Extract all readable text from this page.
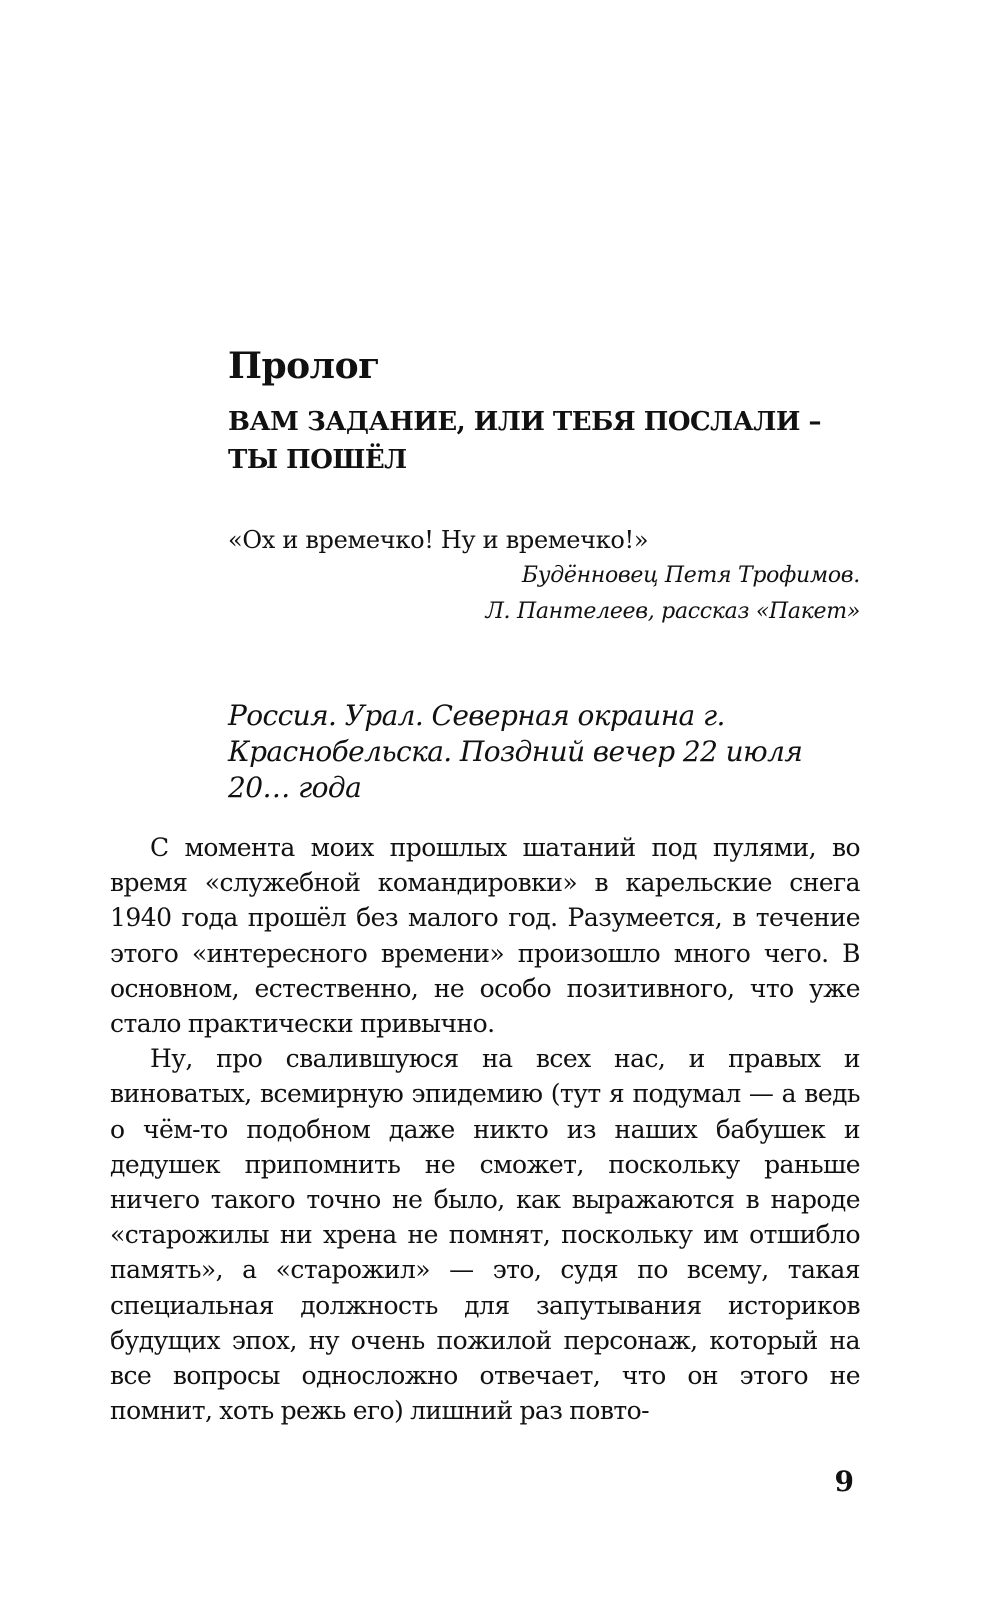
Пролог
ВАМ ЗАДАНИЕ, ИЛИ ТЕБЯ ПОСЛАЛИ – ТЫ ПОШЁЛ

«Ох и времечко! Ну и времечко!»

Будённовец Петя Трофимов.

Л. Пантелеев, рассказ «Пакет»

Россия. Урал. Северная окраина г. Краснобельска. Поздний вечер 22 июля 20… года

С момента моих прошлых шатаний под пулями, во время «служебной командировки» в карельские снега 1940 года прошёл без малого год. Разумеется, в течение этого «интересного времени» произошло много чего. В основном, естественно, не особо позитивного, что уже стало практически привычно.

Ну, про свалившуюся на всех нас, и правых и виноватых, всемирную эпидемию (тут я подумал — а ведь о чём-то подобном даже никто из наших бабушек и дедушек припомнить не сможет, поскольку раньше ничего такого точно не было, как выражаются в народе «старожилы ни хрена не помнят, поскольку им отшибло память», а «старожил» — это, судя по всему, такая специальная должность для запутывания историков будущих эпох, ну очень пожилой персонаж, который на все вопросы односложно отвечает, что он этого не помнит, хоть режь его) лишний раз повто-

9
